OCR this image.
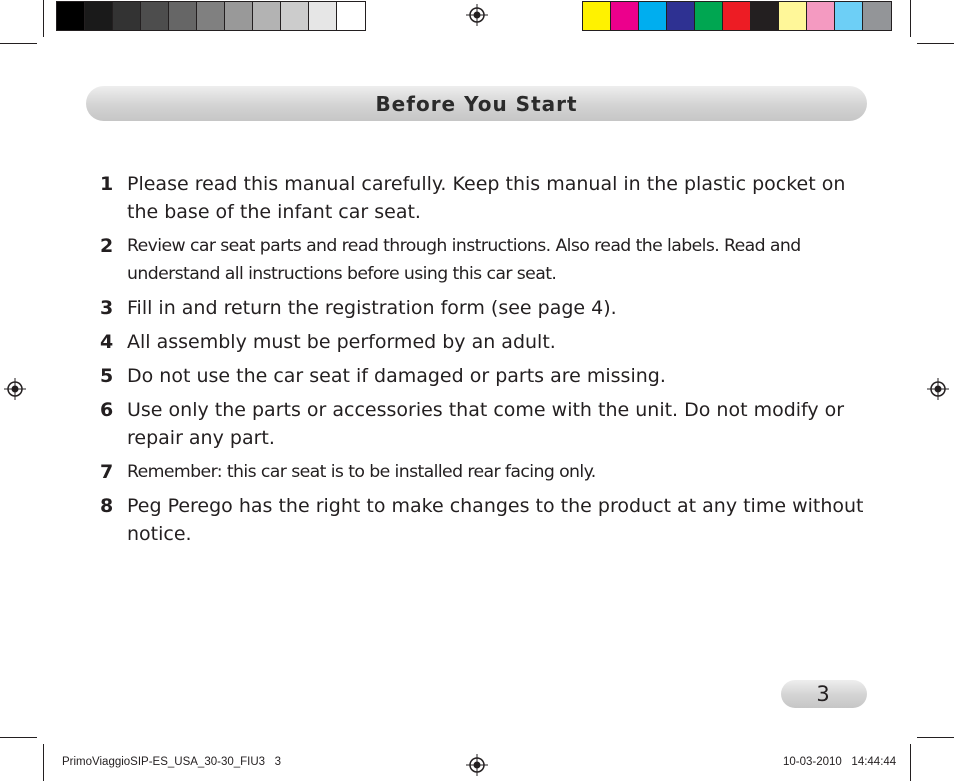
Before You Start
1 Please read this manual carefully. Keep this manual in the plastic pocket on the base of the infant car seat.
2 Review car seat parts and read through instructions. Also read the labels. Read and understand all instructions before using this car seat.
3 Fill in and return the registration form (see page 4).
4 All assembly must be performed by an adult.
5 Do not use the car seat if damaged or parts are missing.
6 Use only the parts or accessories that come with the unit. Do not modify or repair any part.
7 Remember: this car seat is to be installed rear facing only.
8 Peg Perego has the right to make changes to the product at any time without notice.
3
PrimoViaggioSIP-ES_USA_30-30_FIU3 3	10-03-2010 14:44:44
